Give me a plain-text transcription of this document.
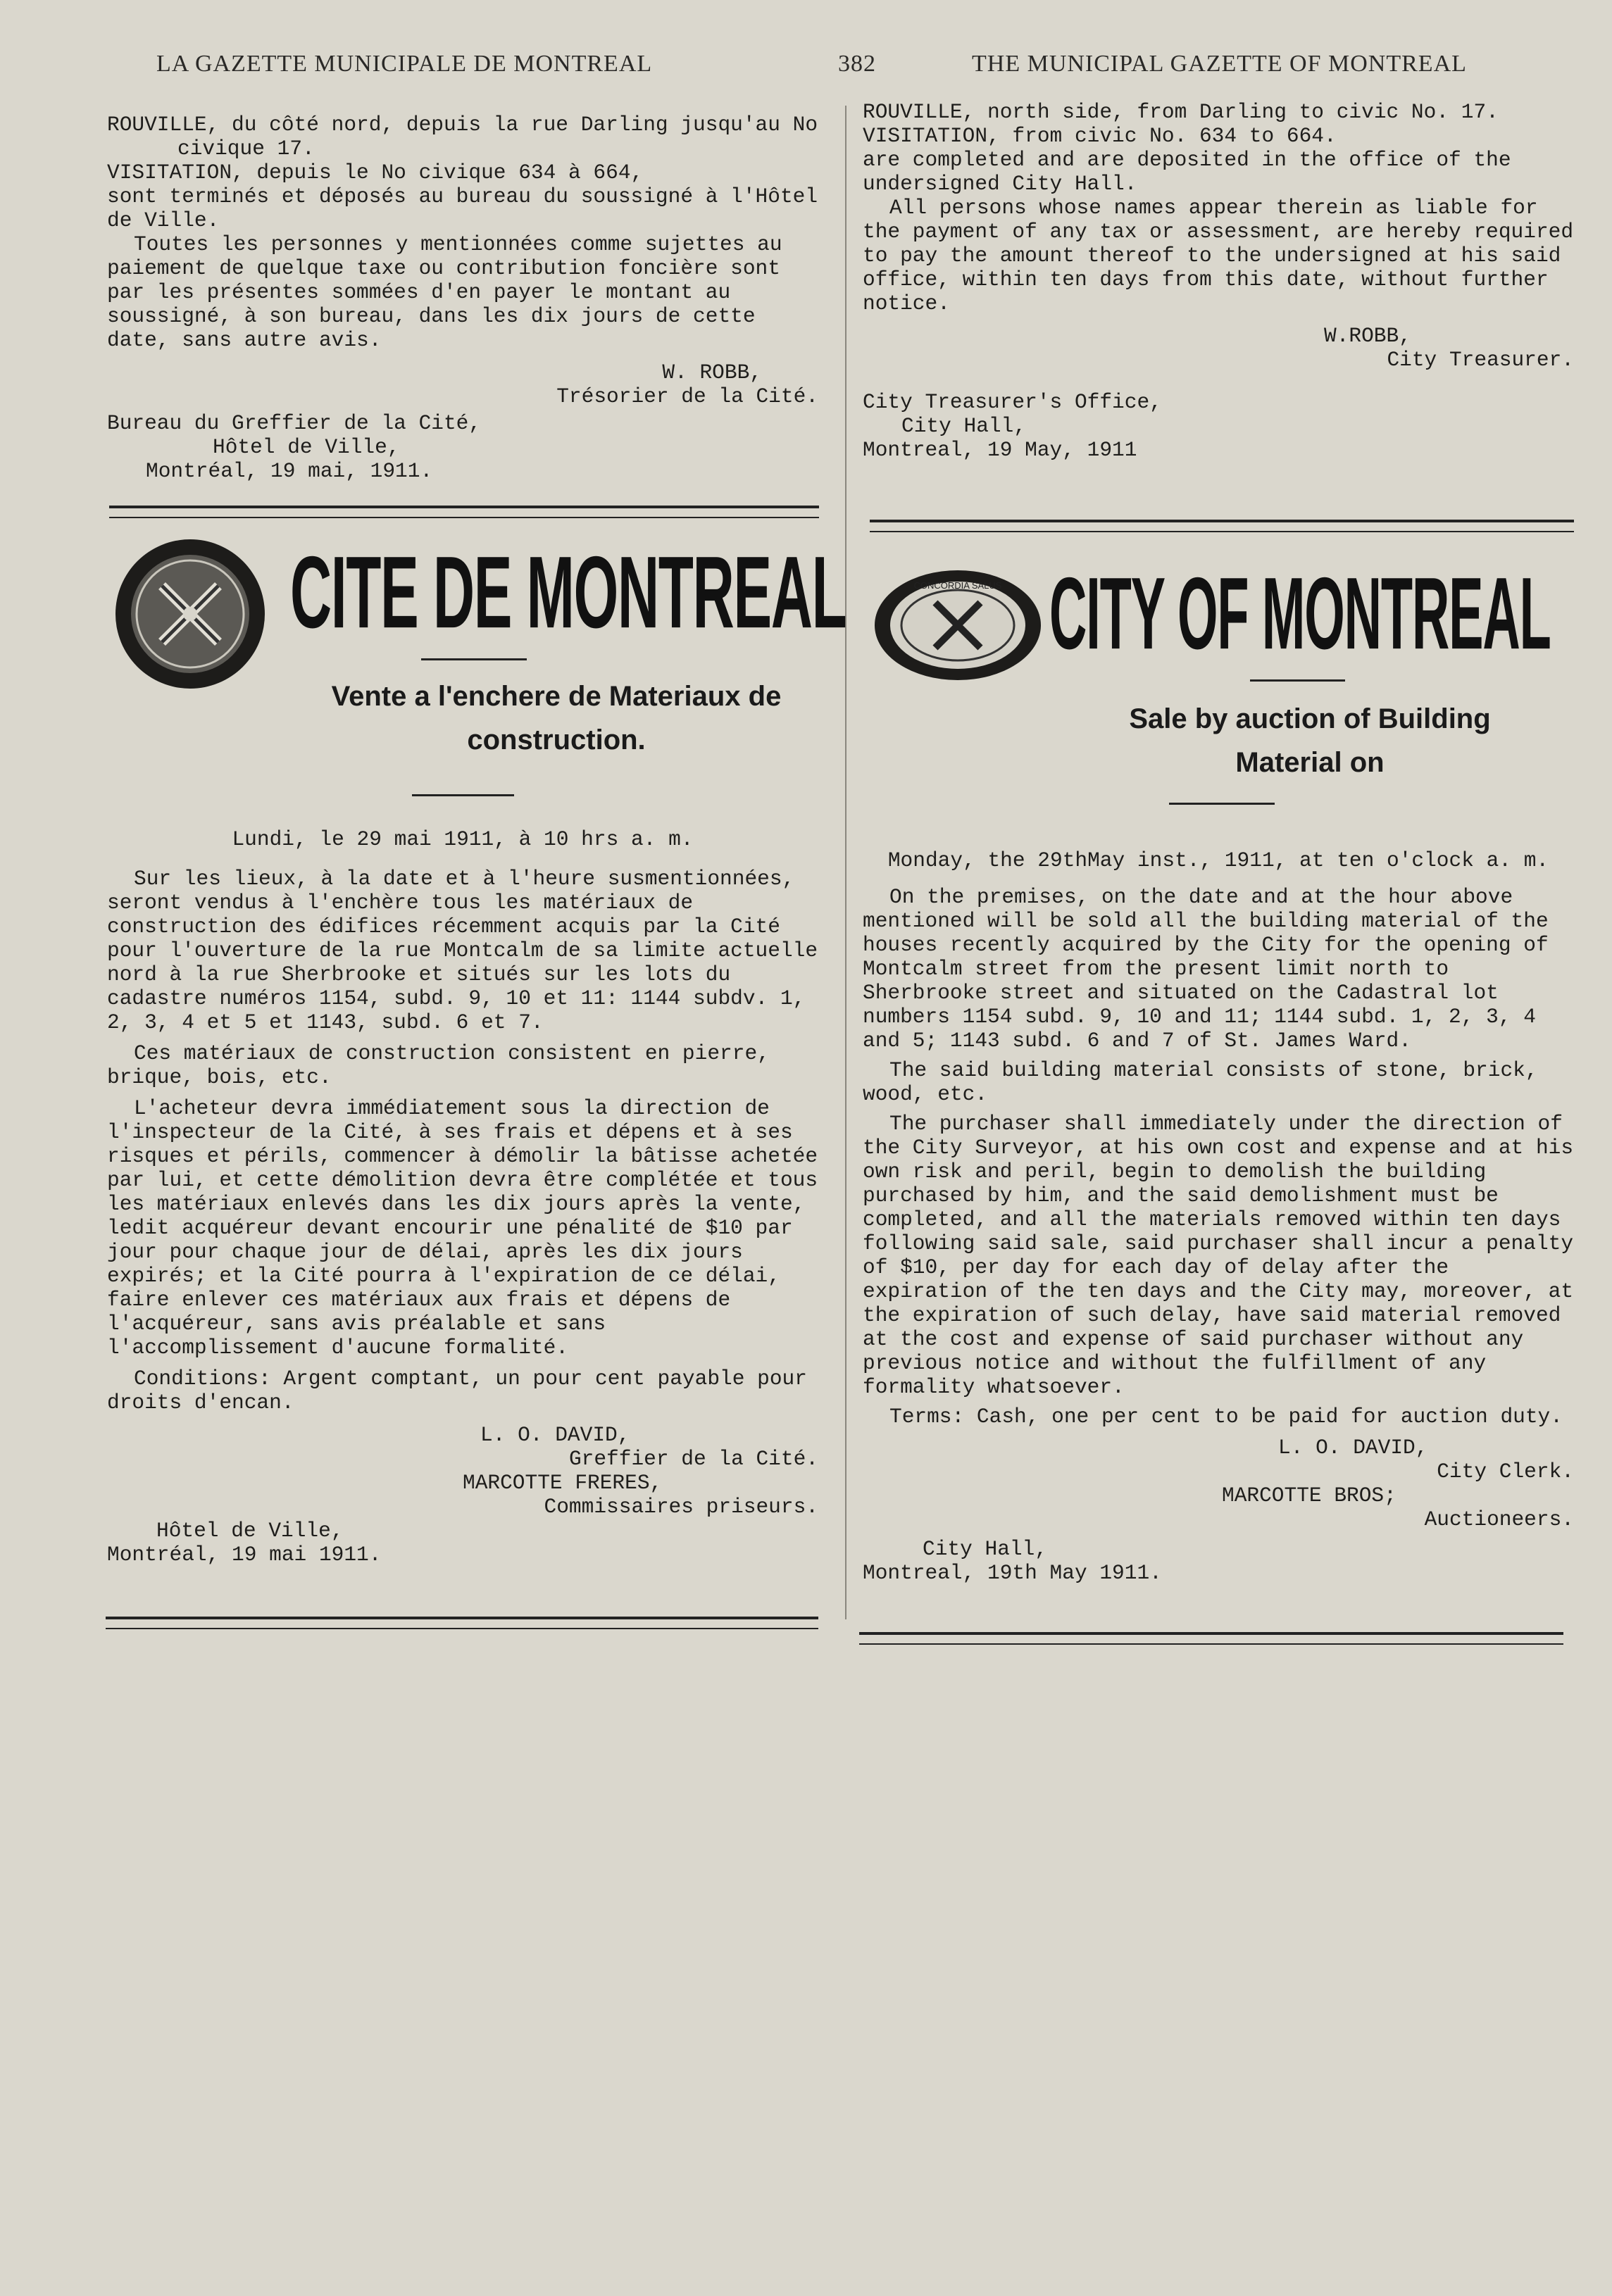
LA GAZETTE MUNICIPALE DE MONTREAL	382	THE MUNICIPAL GAZETTE OF MONTREAL

ROUVILLE, du côté nord, depuis la rue Darling jusqu'au No civique 17.

VISITATION, depuis le No civique 634 à 664,

sont terminés et déposés au bureau du soussigné à l'Hôtel de Ville.

Toutes les personnes y mentionnées comme sujettes au paiement de quelque taxe ou contribution foncière sont par les présentes sommées d'en payer le montant au soussigné, à son bureau, dans les dix jours de cette date, sans autre avis.

W. ROBB,

Trésorier de la Cité.

Bureau du Greffier de la Cité,

Hôtel de Ville,

Montréal, 19 mai, 1911.

CITE DE MONTREAL
Vente a l'enchere de Materiaux de construction.

Lundi, le 29 mai 1911, à 10 hrs a. m.

Sur les lieux, à la date et à l'heure susmentionnées, seront vendus à l'enchère tous les matériaux de construction des édifices récemment acquis par la Cité pour l'ouverture de la rue Montcalm de sa limite actuelle nord à la rue Sherbrooke et situés sur les lots du cadastre numéros 1154, subd. 9, 10 et 11: 1144 subdv. 1, 2, 3, 4 et 5 et 1143, subd. 6 et 7.

Ces matériaux de construction consistent en pierre, brique, bois, etc.

L'acheteur devra immédiatement sous la direction de l'inspecteur de la Cité, à ses frais et dépens et à ses risques et périls, commencer à démolir la bâtisse achetée par lui, et cette démolition devra être complétée et tous les matériaux enlevés dans les dix jours après la vente, ledit acquéreur devant encourir une pénalité de $10 par jour pour chaque jour de délai, après les dix jours expirés; et la Cité pourra à l'expiration de ce délai, faire enlever ces matériaux aux frais et dépens de l'acquéreur, sans avis préalable et sans l'accomplissement d'aucune formalité.

Conditions: Argent comptant, un pour cent payable pour droits d'encan.

L. O. DAVID,

Greffier de la Cité.

MARCOTTE FRERES,

Commissaires priseurs.

Hôtel de Ville,

Montréal, 19 mai 1911.

ROUVILLE, north side, from Darling to civic No. 17.

VISITATION, from civic No. 634 to 664.

are completed and are deposited in the office of the undersigned City Hall.

All persons whose names appear therein as liable for the payment of any tax or assessment, are hereby required to pay the amount thereof to the undersigned at his said office, within ten days from this date, without further notice.

W.ROBB,

City Treasurer.

City Treasurer's Office,

City Hall,

Montreal, 19 May, 1911

CONCORDIA SALUS CITY OF MONTREAL
Sale by auction of Building
Material on

Monday, the 29thMay inst., 1911, at ten o'clock a. m.

On the premises, on the date and at the hour above mentioned will be sold all the building material of the houses recently acquired by the City for the opening of Montcalm street from the present limit north to Sherbrooke street and situated on the Cadastral lot numbers 1154 subd. 9, 10 and 11; 1144 subd. 1, 2, 3, 4 and 5; 1143 subd. 6 and 7 of St. James Ward.

The said building material consists of stone, brick, wood, etc.

The purchaser shall immediately under the direction of the City Surveyor, at his own cost and expense and at his own risk and peril, begin to demolish the building purchased by him, and the said demolishment must be completed, and all the materials removed within ten days following said sale, said purchaser shall incur a penalty of $10, per day for each day of delay after the expiration of the ten days and the City may, moreover, at the expiration of such delay, have said material removed at the cost and expense of said purchaser without any previous notice and without the fulfillment of any formality whatsoever.

Terms: Cash, one per cent to be paid for auction duty.

L. O. DAVID,

City Clerk.

MARCOTTE BROS;

Auctioneers.

City Hall,

Montreal, 19th May 1911.
